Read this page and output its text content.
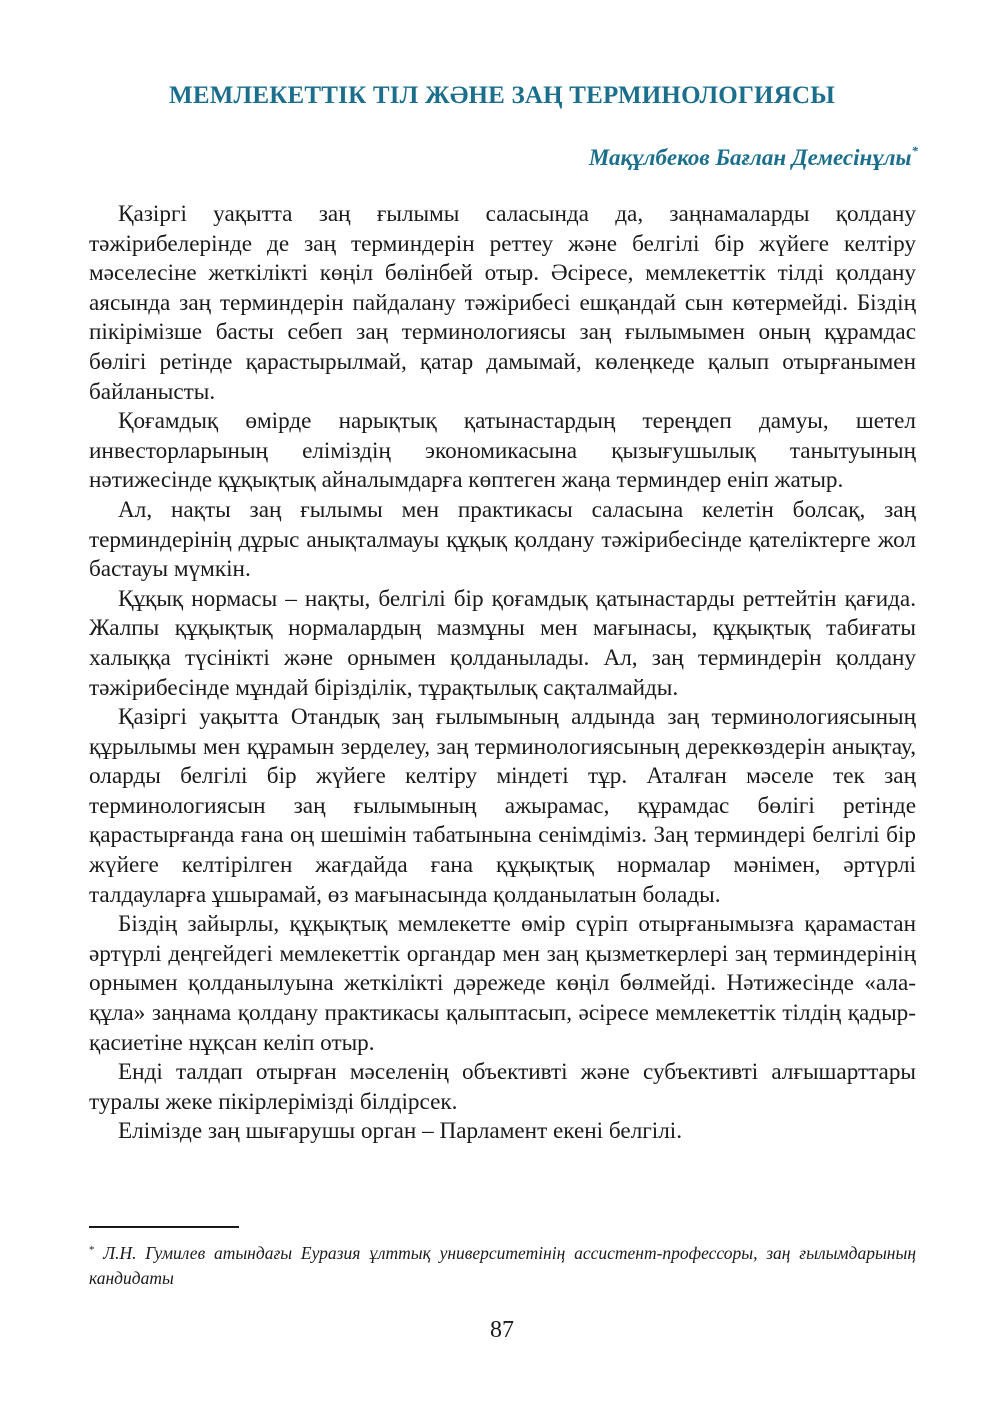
МЕМЛЕКЕТТІК ТІЛ ЖӘНЕ ЗАҢ ТЕРМИНОЛОГИЯСЫ
Мақұлбеков Бағлан Демесінұлы*

Қазіргі уақытта заң ғылымы саласында да, заңнамаларды қолдану тәжірибелерінде де заң терминдерін реттеу және белгілі бір жүйеге келтіру мәселесіне жеткілікті көңіл бөлінбей отыр. Әсіресе, мемлекеттік тілді қолдану аясында заң терминдерін пайдалану тәжірибесі ешқандай сын көтермейді. Біздің пікірімізше басты себеп заң терминологиясы заң ғылымымен оның құрамдас бөлігі ретінде қарастырылмай, қатар дамымай, көлеңкеде қалып отырғанымен байланысты.

Қоғамдық өмірде нарықтық қатынастардың тереңдеп дамуы, шетел инвесторларының еліміздің экономикасына қызығушылық танытуының нәтижесінде құқықтық айналымдарға көптеген жаңа терминдер еніп жатыр.

Ал, нақты заң ғылымы мен практикасы саласына келетін болсақ, заң терминдерінің дұрыс анықталмауы құқық қолдану тәжірибесінде қателіктерге жол бастауы мүмкін.

Құқық нормасы – нақты, белгілі бір қоғамдық қатынастарды реттейтін қағида. Жалпы құқықтық нормалардың мазмұны мен мағынасы, құқықтық табиғаты халыққа түсінікті және орнымен қолданылады. Ал, заң терминдерін қолдану тәжірибесінде мұндай бірізділік, тұрақтылық сақталмайды.

Қазіргі уақытта Отандық заң ғылымының алдында заң терминологиясының құрылымы мен құрамын зерделеу, заң терминологиясының дереккөздерін анықтау, оларды белгілі бір жүйеге келтіру міндеті тұр. Аталған мәселе тек заң терминологиясын заң ғылымының ажырамас, құрамдас бөлігі ретінде қарастырғанда ғана оң шешімін табатынына сенімдіміз. Заң терминдері белгілі бір жүйеге келтірілген жағдайда ғана құқықтық нормалар мәнімен, әртүрлі талдауларға ұшырамай, өз мағынасында қолданылатын болады.

Біздің зайырлы, құқықтық мемлекетте өмір сүріп отырғанымызға қарамастан әртүрлі деңгейдегі мемлекеттік органдар мен заң қызметкерлері заң терминдерінің орнымен қолданылуына жеткілікті дәрежеде көңіл бөлмейді. Нәтижесінде «ала-құла» заңнама қолдану практикасы қалыптасып, әсіресе мемлекеттік тілдің қадыр-қасиетіне нұқсан келіп отыр.

Енді талдап отырған мәселенің объективті және субъективті алғышарттары туралы жеке пікірлерімізді білдірсек.

Елімізде заң шығарушы орган – Парламент екені белгілі.

* Л.Н. Гумилев атындағы Еуразия ұлттық университетінің ассистент-профессоры, заң ғылымдарының кандидаты
87
